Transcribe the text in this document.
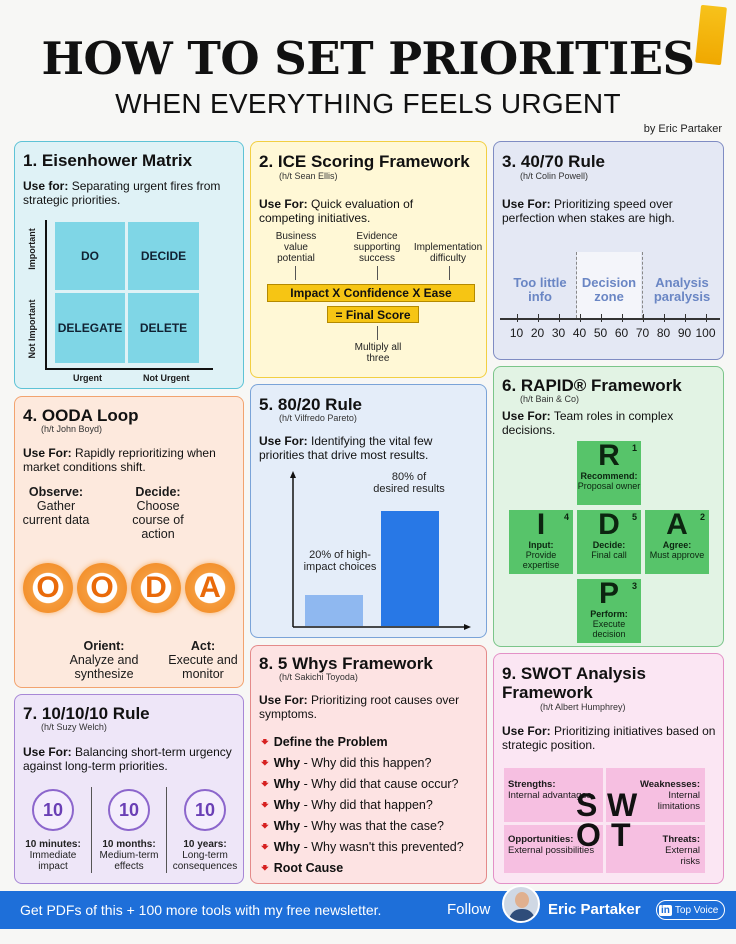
HOW TO SET PRIORITIES
WHEN EVERYTHING FEELS URGENT
by Eric Partaker
1. Eisenhower Matrix
Use for: Separating urgent fires from strategic priorities.
DO	DECIDE
DELEGATE	DELETE
Important
Not Important
Urgent	Not Urgent
2. ICE Scoring Framework
(h/t Sean Ellis)
Use For: Quick evaluation of competing initiatives.
Business value potential
Evidence supporting success
Implementation difficulty
Impact X Confidence X Ease
= Final Score
Multiply all three
3. 40/70 Rule
(h/t Colin Powell)
Use For: Prioritizing speed over perfection when stakes are high.
Too little info
Decision zone
Analysis paralysis
10 20 30 40 50 60 70 80 90 100
4. OODA Loop
(h/t John Boyd)
Use For: Rapidly reprioritizing when market conditions shift.
Observe:
Gather current data
Decide:
Choose course of action
O	O	D	A
Orient:
Analyze and synthesize
Act:
Execute and monitor
5. 80/20 Rule
(h/t Vilfredo Pareto)
Use For: Identifying the vital few priorities that drive most results.
20% of high-impact choices
80% of desired results
6. RAPID® Framework
(h/t Bain & Co)
Use For: Team roles in complex decisions.
1
R
Recommend:
Proposal owner
4
I
Input:
Provide expertise
5
D
Decide:
Final call
2
A
Agree:
Must approve
3
P
Perform:
Execute decision
7. 10/10/10 Rule
(h/t Suzy Welch)
Use For: Balancing short-term urgency against long-term priorities.
10	10	10
10 minutes:
Immediate impact
10 months:
Medium-term effects
10 years:
Long-term consequences
8. 5 Whys Framework
(h/t Sakichi Toyoda)
Use For: Prioritizing root causes over symptoms.
🠻 Define the Problem
🠻 Why - Why did this happen?
🠻 Why - Why did that cause occur?
🠻 Why - Why did that happen?
🠻 Why - Why was that the case?
🠻 Why - Why wasn't this prevented?
🠻 Root Cause
9. SWOT Analysis Framework
(h/t Albert Humphrey)
Use For: Prioritizing initiatives based on strategic position.
Strengths:
Internal advantages
Weaknesses:
Internal limitations
Opportunities:
External possibilities
Threats:
External risks
S W
O T
Get PDFs of this + 100 more tools with my free newsletter.	Follow	Eric Partaker in Top Voice
